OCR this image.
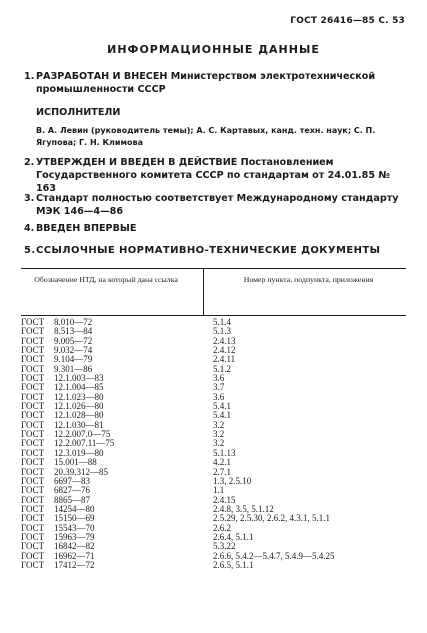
ГОСТ 26416—85 С. 53
ИНФОРМАЦИОННЫЕ ДАННЫЕ
1. РАЗРАБОТАН И ВНЕСЕН Министерством электротехнической промышленности СССР
ИСПОЛНИТЕЛИ
В. А. Левин (руководитель темы); А. С. Картавых, канд. техн. наук; С. П. Ягупова; Г. Н. Климова
2. УТВЕРЖДЕН И ВВЕДЕН В ДЕЙСТВИЕ Постановлением Государственного комитета СССР по стандартам от 24.01.85 № 163
3. Стандарт полностью соответствует Международному стандарту МЭК 146—4—86
4. ВВЕДЕН ВПЕРВЫЕ
5. ССЫЛОЧНЫЕ НОРМАТИВНО-ТЕХНИЧЕСКИЕ ДОКУМЕНТЫ
Обозначение НТД, на который дана ссылка	Номер пункта, подпункта, приложения
ГОСТ	8.010—72	5.1.4
ГОСТ	8.513—84	5.1.3
ГОСТ	9.005—72	2.4.13
ГОСТ	9.032—74	2.4.12
ГОСТ	9.104—79	2.4.11
ГОСТ	9.301—86	5.1.2
ГОСТ	12.1.003—83	3.6
ГОСТ	12.1.004—85	3.7
ГОСТ	12.1.023—80	3.6
ГОСТ	12.1.026—80	5.4.1
ГОСТ	12.1.028—80	5.4.1
ГОСТ	12.1.030—81	3.2
ГОСТ	12.2.007.0—75	3.2
ГОСТ	12.2.007.11—75	3.2
ГОСТ	12.3.019—80	5.1.13
ГОСТ	15.001—88	4.2.1
ГОСТ	20.39.312—85	2.7.1
ГОСТ	6697—83	1.3, 2.5.10
ГОСТ	6827—76	1.1
ГОСТ	8865—87	2.4.15
ГОСТ	14254—80	2.4.8, 3.5, 5.1.12
ГОСТ	15150—69	2.5.29, 2.5.30, 2.6.2, 4.3.1, 5.1.1
ГОСТ	15543—70	2.6.2
ГОСТ	15963—79	2.6.4, 5.1.1
ГОСТ	16842—82	5.3.22
ГОСТ	16962—71	2.6.6, 5.4.2—5.4.7, 5.4.9—5.4.25
ГОСТ	17412—72	2.6.5, 5.1.1
